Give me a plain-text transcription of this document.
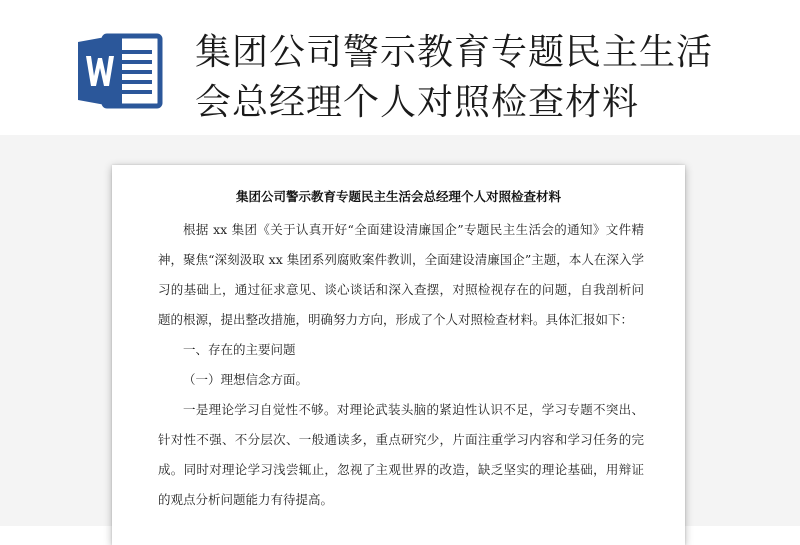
集团公司警示教育专题民主生活
会总经理个人对照检查材料
集团公司警示教育专题民主生活会总经理个人对照检查材料

根据 xx 集团《关于认真开好“全面建设清廉国企”专题民主生活会的通知》文件精神，聚焦“深刻汲取 xx 集团系列腐败案件教训，全面建设清廉国企”主题，本人在深入学习的基础上，通过征求意见、谈心谈话和深入查摆，对照检视存在的问题，自我剖析问题的根源，提出整改措施，明确努力方向，形成了个人对照检查材料。具体汇报如下：

一、存在的主要问题

（一）理想信念方面。

一是理论学习自觉性不够。对理论武装头脑的紧迫性认识不足，学习专题不突出、针对性不强、不分层次、一般通读多，重点研究少，片面注重学习内容和学习任务的完成。同时对理论学习浅尝辄止，忽视了主观世界的改造，缺乏坚实的理论基础，用辩证的观点分析问题能力有待提高。
